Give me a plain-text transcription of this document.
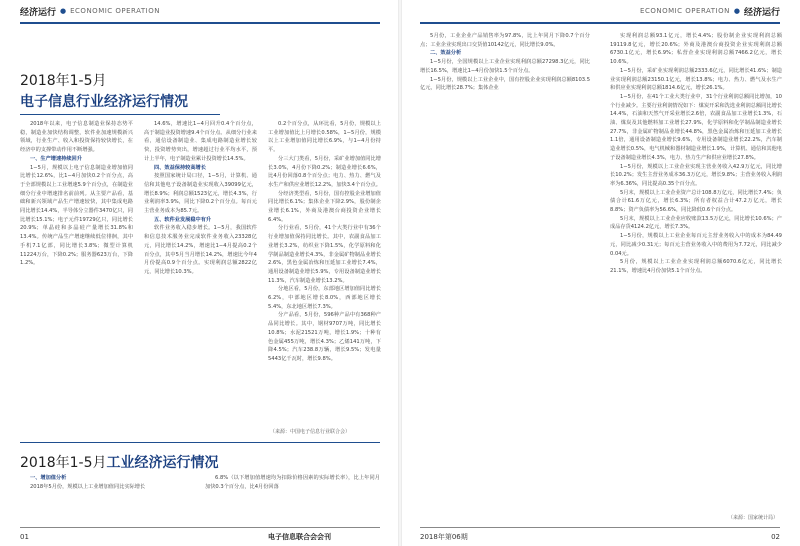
经济运行 ● ECONOMIC OPERATION
2018年1-5月
电子信息行业经济运行情况

2018年以来，电子信息制造业保持态势平稳，制造业加快结构调整，软件业加速规模新兴领域，行业生产、收入和投资保持较快增长，在经济中的支撑带动作用不断增强。

一、生产增速持续回升

1−5月，规模以上电子信息制造业增加值同比增长12.6%，比1−4月加快0.2个百分点，高于全部规模以上工业增速5.9个百分点，在制造业细分行业中增速排名前前列。从主要产品看，基础和新兴领域产品生产增速较快，其中集成电路同比增长14.4%，半导体分立器件3470亿只，同比增长15.1%；电子元件19729亿只，同比增长20.9%；单晶硅和多晶硅产量增长31.8%和13.4%。传统产品生产增速继续低位徘徊，其中手机7.1亿部，同比增长3.8%；微型计算机11224万台，下降0.2%；服务器623万台，下降1.2%。

14.6%，增速比1−4月回升0.4个百分点，高于制造业投资增速9.4个百分点。从细分行业来看，通信设备制造业、集成电路制造业增长较快，投资增势突出，增速超过行业平均水平，预计上半年，电子制造业累计投资增长14.5%。

四、效益保持较高增长

按照国家统计局口径，1−5月，计算机、通信和其他电子设备制造业实现收入39099亿元，增长8.9%；利润总额1523亿元，增长4.3%，行业利润率3.9%，同比下降0.2个百分点。每百元主营业务成本为85.7元。

五、软件业发展稳中有升

软件业务收入稳步增长。1−5月，我国软件和信息技术服务业完成软件业务收入23328亿元，同比增长14.2%，增速比1−4月提高0.2个百分点，其中5月当月增长14.2%，增速比今年4月份提高0.9个百分点。实现利润总额2822亿元，同比增长10.3%。

0.2个百分点，从环比看，5月份，规模以上工业增加值比上月增长0.58%，1−5月份，规模以上工业增加值同比增长6.9%，与1−4月份持平。

分三大门类看，5月份，采矿业增加值同比增长3.0%，4月份下降0.2%；制造业增长6.6%，比4月份回落0.8个百分点；电力、热力、燃气及水生产和供应业增长12.2%，加快3.4个百分点。

分经济类型看，5月份，国有控股企业增加值同比增长6.1%；集体企业下降2.9%，股份制企业增长6.1%，外商及港澳台商投资企业增长6.4%。

分行业看，5月份，41个大类行业中有36个行业增加值保持同比增长。其中，农副食品加工业增长3.2%，纺织业下降1.5%，化学原料和化学制品制造业增长4.3%，非金属矿物制品业增长2.6%，黑色金属冶炼和压延加工业增长7.4%，通用设备制造业增长5.9%，专用设备制造业增长11.3%，汽车制造业增长13.2%。

分地区看，5月份，东部地区增加值同比增长6.2%，中部地区增长8.0%，西部地区增长5.4%，东北地区增长7.3%。

分产品看，5月份，596种产品中有368种产品同比增长。其中，钢材9707万吨，同比增长10.8%；水泥21521万吨，增长1.9%；十种有色金属455万吨，增长4.3%；乙烯141万吨，下降4.5%；汽车238.8万辆，增长9.5%；发电量5443亿千瓦时，增长9.8%。

（来源：中国电子信息行业联合会）
2018年1-5月 工业经济运行情况

一、增加值分析

2018年5月份，规模以上工业增加值同比实际增长

6.8%（以下增加值增速均为扣除价格因素的实际增长率），比上年同月加快0.3个百分点，比4月份回落

01	电子信息联合会会刊
ECONOMIC OPERATION ● 经济运行

5月份，工业企业产品销售率为97.8%，比上年同月下降0.7个百分点；工业企业实现出口交货值10142亿元，同比增长9.0%。

二、效益分析

1−5月份，全国规模以上工业企业实现利润总额27298.3亿元，同比增长16.5%，增速比1−4月份加快1.5个百分点。

1−5月份，规模以上工业企业中，国有控股企业实现利润总额8103.5亿元，同比增长28.7%；集体企业

实现利润总额93.1亿元，增长4.4%；股份制企业实现利润总额19119.8亿元，增长20.6%；外商及港澳台商投资企业实现利润总额6730.1亿元，增长6.9%；私营企业实现利润总额7466.2亿元，增长10.6%。

1−5月份，采矿业实现利润总额2333.6亿元，同比增长41.6%；制造业实现利润总额23150.1亿元，增长13.8%；电力、热力、燃气及水生产和供应业实现利润总额1814.6亿元，增长26.1%。

1−5月份，在41个工业大类行业中，31个行业利润总额同比增加，10个行业减少。主要行业利润情况如下：煤炭开采和洗选业利润总额同比增长14.4%，石油和天然气开采业增长2.6倍，农副食品加工业增长1.3%，石油、煤炭及其他燃料加工业增长27.9%，化学原料和化学制品制造业增长27.7%，非金属矿物制品业增长44.8%，黑色金属冶炼和压延加工业增长1.1倍，通用设备制造业增长9.6%，专用设备制造业增长22.2%，汽车制造业增长0.5%，电气机械和器材制造业增长1.9%，计算机、通信和其他电子设备制造业增长4.3%，电力、热力生产和供应业增长27.8%。

1−5月份，规模以上工业企业实现主营业务收入42.9万亿元，同比增长10.2%；发生主营业务成本36.3万亿元，增长9.8%；主营业务收入利润率为6.36%，同比提高0.35个百分点。

5月末，规模以上工业企业资产总计108.8万亿元，同比增长7.4%；负债合计61.6万亿元，增长6.3%；所有者权益合计47.2万亿元，增长8.8%；资产负债率为56.6%，同比降低0.6个百分点。

5月末，规模以上工业企业应收账款13.5万亿元，同比增长10.6%；产成品存货4124.2亿元，增长7.3%。

1−5月份，规模以上工业企业每百元主营业务收入中的成本为84.49元，同比减少0.31元；每百元主营业务收入中的费用为7.72元，同比减少0.04元。

5月份，规模以上工业企业实现利润总额6070.6亿元，同比增长21.1%，增速比4月份加快5.1个百分点。

（来源：国家统计局）
2018年第06期	02
